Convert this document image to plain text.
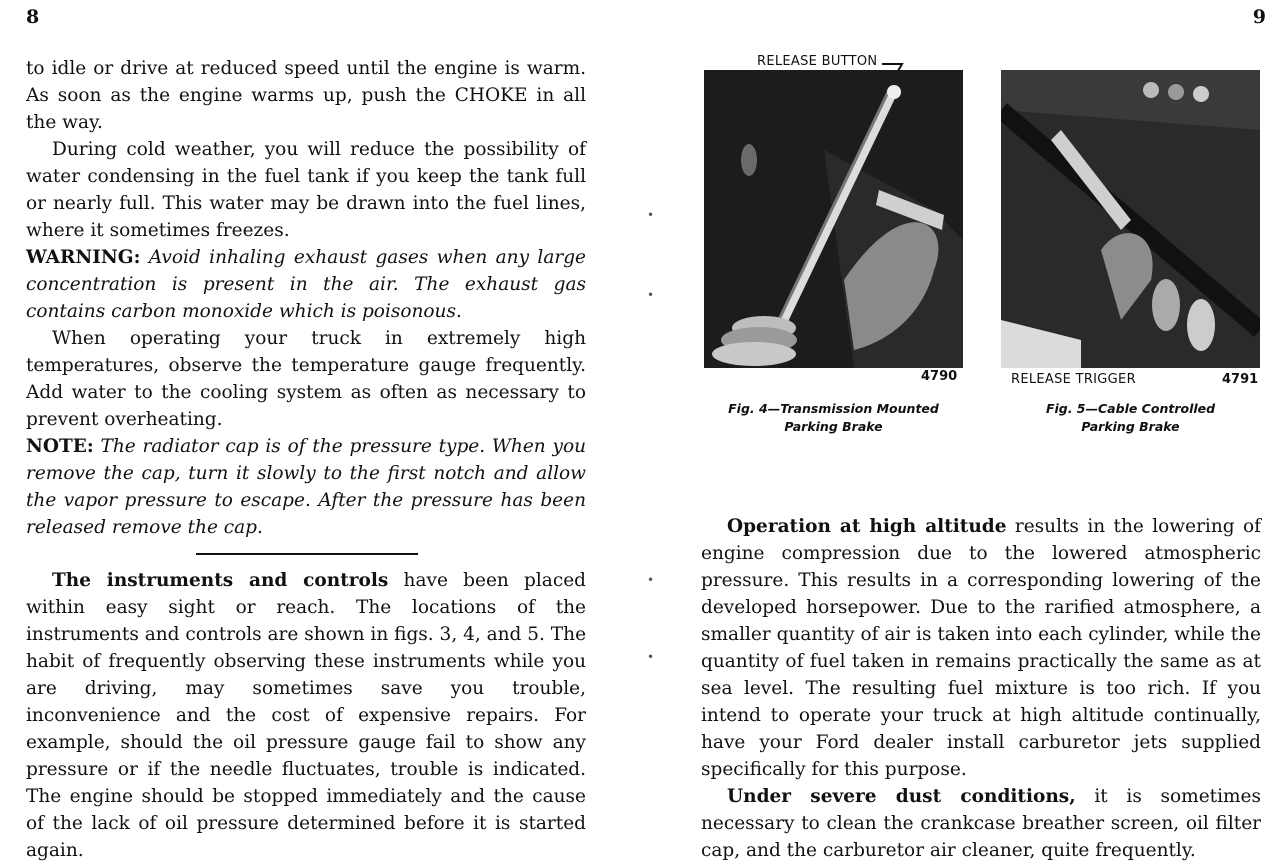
8

to idle or drive at reduced speed until the engine is warm. As soon as the engine warms up, push the CHOKE in all the way.

During cold weather, you will reduce the possibility of water condensing in the fuel tank if you keep the tank full or nearly full. This water may be drawn into the fuel lines, where it sometimes freezes.

WARNING: Avoid inhaling exhaust gases when any large concentration is present in the air. The exhaust gas contains carbon monoxide which is poisonous.

When operating your truck in extremely high temperatures, observe the temperature gauge frequently. Add water to the cooling system as often as necessary to prevent overheating.

NOTE: The radiator cap is of the pressure type. When you remove the cap, turn it slowly to the first notch and allow the vapor pressure to escape. After the pressure has been released remove the cap.

The instruments and controls have been placed within easy sight or reach. The locations of the instruments and controls are shown in figs. 3, 4, and 5. The habit of frequently observing these instruments while you are driving, may sometimes save you trouble, inconvenience and the cost of expensive repairs. For example, should the oil pressure gauge fail to show any pressure or if the needle fluctuates, trouble is indicated. The engine should be stopped immediately and the cause of the lack of oil pressure determined before it is started again.

•
•
•
•
9
RELEASE BUTTON
4790
Fig. 4—Transmission Mounted
Parking Brake
RELEASE TRIGGER	4791
Fig. 5—Cable Controlled
Parking Brake

Operation at high altitude results in the lowering of engine compression due to the lowered atmospheric pressure. This results in a corresponding lowering of the developed horsepower. Due to the rarified atmosphere, a smaller quantity of air is taken into each cylinder, while the quantity of fuel taken in remains practically the same as at sea level. The resulting fuel mixture is too rich. If you intend to operate your truck at high altitude continually, have your Ford dealer install carburetor jets supplied specifically for this purpose.

Under severe dust conditions, it is sometimes necessary to clean the crankcase breather screen, oil filter cap, and the carburetor air cleaner, quite frequently.
